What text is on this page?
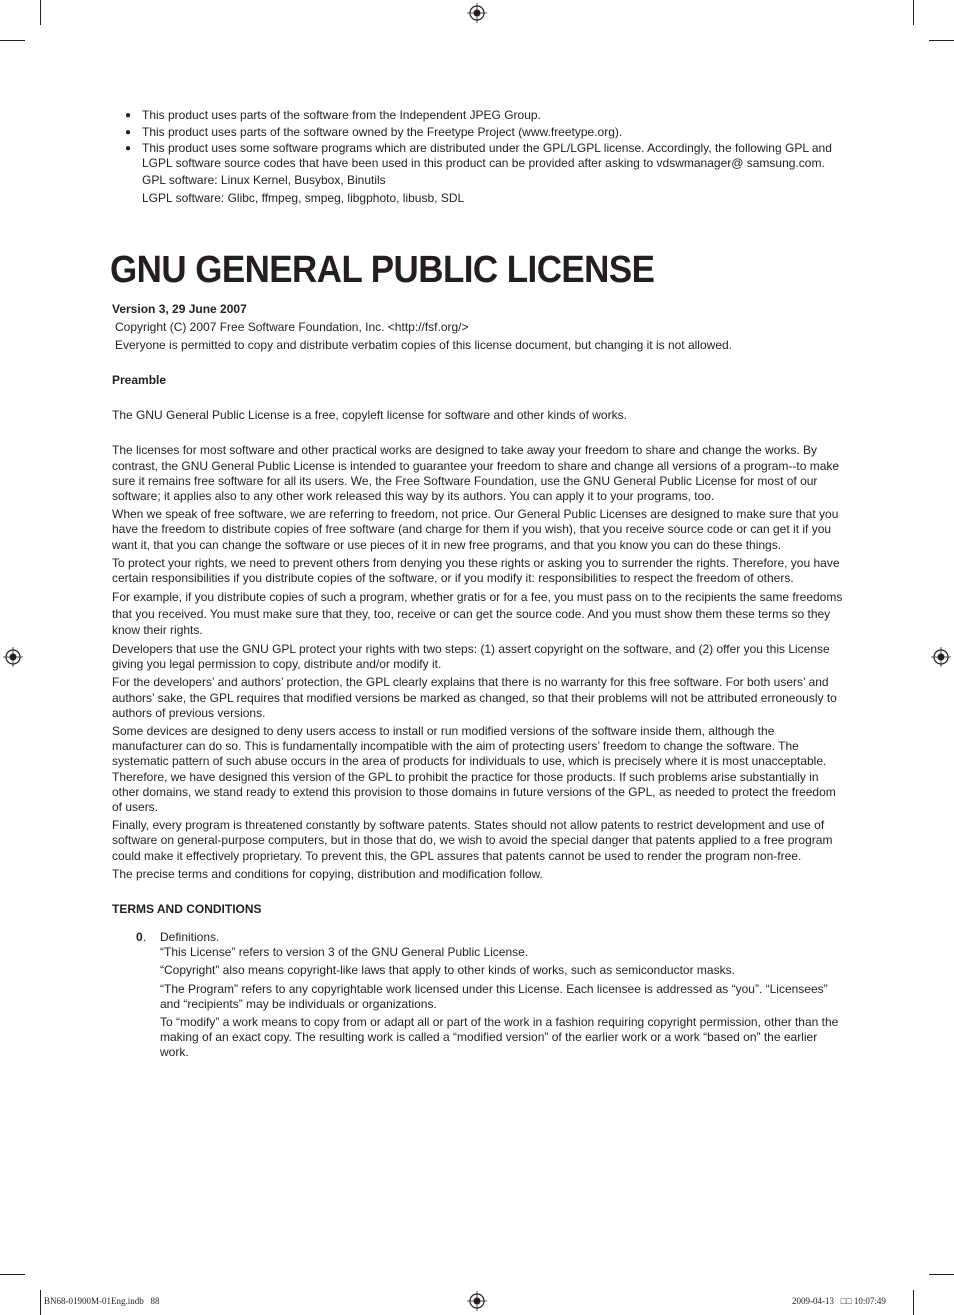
● This product uses parts of the software from the Independent JPEG Group.
● This product uses parts of the software owned by the Freetype Project (www.freetype.org).
● This product uses some software programs which are distributed under the GPL/LGPL license. Accordingly, the following GPL and LGPL software source codes that have been used in this product can be provided after asking to vdswmanager@ samsung.com.
GPL software: Linux Kernel, Busybox, Binutils
LGPL software: Glibc, ffmpeg, smpeg, libgphoto, libusb, SDL
GNU GENERAL PUBLIC LICENSE
Version 3, 29 June 2007
Copyright (C) 2007 Free Software Foundation, Inc. <http://fsf.org/>
Everyone is permitted to copy and distribute verbatim copies of this license document, but changing it is not allowed.
Preamble
The GNU General Public License is a free, copyleft license for software and other kinds of works.

The licenses for most software and other practical works are designed to take away your freedom to share and change the works. By contrast, the GNU General Public License is intended to guarantee your freedom to share and change all versions of a program--to make sure it remains free software for all its users. We, the Free Software Foundation, use the GNU General Public License for most of our software; it applies also to any other work released this way by its authors. You can apply it to your programs, too.

When we speak of free software, we are referring to freedom, not price. Our General Public Licenses are designed to make sure that you have the freedom to distribute copies of free software (and charge for them if you wish), that you receive source code or can get it if you want it, that you can change the software or use pieces of it in new free programs, and that you know you can do these things.

To protect your rights, we need to prevent others from denying you these rights or asking you to surrender the rights. Therefore, you have certain responsibilities if you distribute copies of the software, or if you modify it: responsibilities to respect the freedom of others.

For example, if you distribute copies of such a program, whether gratis or for a fee, you must pass on to the recipients the same freedoms that you received. You must make sure that they, too, receive or can get the source code. And you must show them these terms so they know their rights.

Developers that use the GNU GPL protect your rights with two steps: (1) assert copyright on the software, and (2) offer you this License giving you legal permission to copy, distribute and/or modify it.

For the developers’ and authors’ protection, the GPL clearly explains that there is no warranty for this free software. For both users’ and authors’ sake, the GPL requires that modified versions be marked as changed, so that their problems will not be attributed erroneously to authors of previous versions.

Some devices are designed to deny users access to install or run modified versions of the software inside them, although the manufacturer can do so. This is fundamentally incompatible with the aim of protecting users’ freedom to change the software. The systematic pattern of such abuse occurs in the area of products for individuals to use, which is precisely where it is most unacceptable. Therefore, we have designed this version of the GPL to prohibit the practice for those products. If such problems arise substantially in other domains, we stand ready to extend this provision to those domains in future versions of the GPL, as needed to protect the freedom of users.

Finally, every program is threatened constantly by software patents. States should not allow patents to restrict development and use of software on general-purpose computers, but in those that do, we wish to avoid the special danger that patents applied to a free program could make it effectively proprietary. To prevent this, the GPL assures that patents cannot be used to render the program non-free.

The precise terms and conditions for copying, distribution and modification follow.

TERMS AND CONDITIONS
0 . Definitions.

“This License” refers to version 3 of the GNU General Public License.

“Copyright” also means copyright-like laws that apply to other kinds of works, such as semiconductor masks.

“The Program” refers to any copyrightable work licensed under this License. Each licensee is addressed as “you”. “Licensees” and “recipients” may be individuals or organizations.

To “modify” a work means to copy from or adapt all or part of the work in a fashion requiring copyright permission, other than the making of an exact copy. The resulting work is called a “modified version” of the earlier work or a work “based on” the earlier work.

BN68-01900M-01Eng.indb   88	2009-04-13   □□ 10:07:49
